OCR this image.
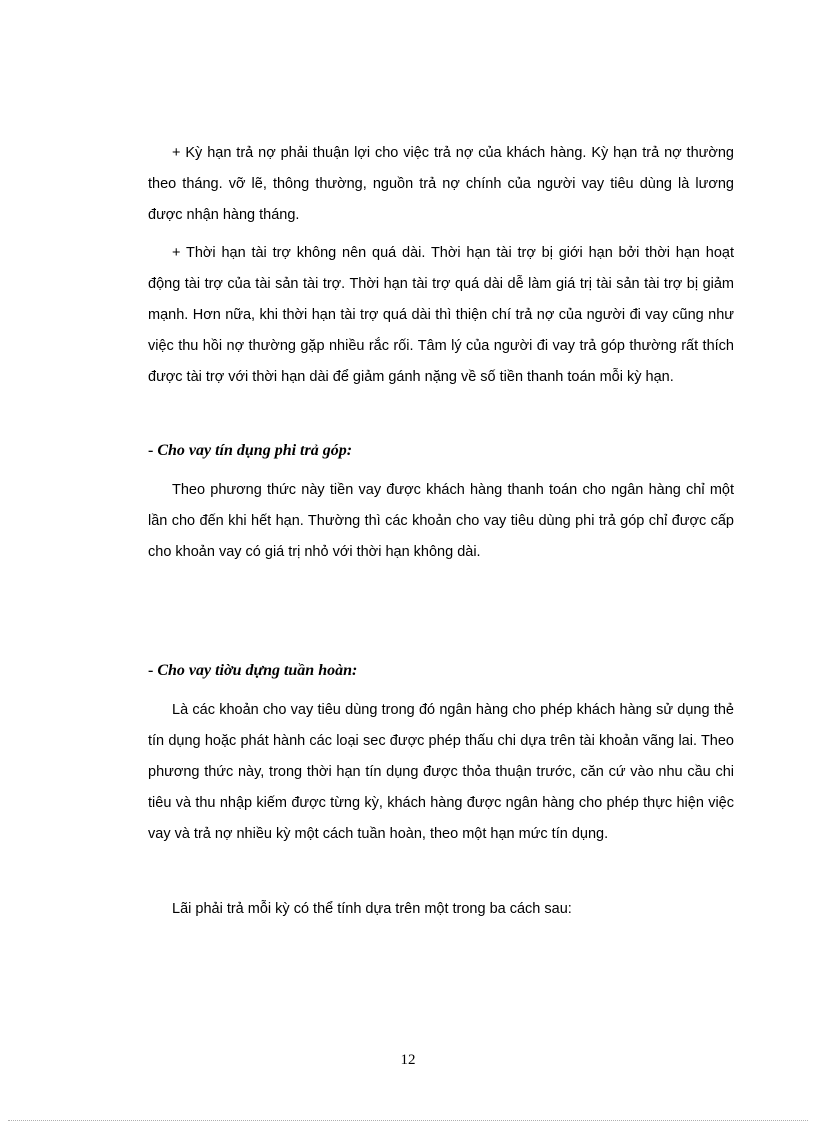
+ Kỳ hạn trả nợ phải thuận lợi cho việc trả nợ của khách hàng. Kỳ hạn trả nợ thường theo tháng. vỡ lẽ, thông thường, nguồn trả nợ chính của người vay tiêu dùng là lương được nhận hàng tháng.

+ Thời hạn tài trợ không nên quá dài. Thời hạn tài trợ bị giới hạn bởi thời hạn hoạt động tài trợ của tài sản tài trợ. Thời hạn tài trợ quá dài dễ làm giá trị tài sản tài trợ bị giảm mạnh. Hơn nữa, khi thời hạn tài trợ quá dài thì thiện chí trả nợ của người đi vay cũng như việc thu hồi nợ thường gặp nhiều rắc rối. Tâm lý của người đi vay trả góp thường rất thích được tài trợ với thời hạn dài để giảm gánh nặng về số tiền thanh toán mỗi kỳ hạn.

- Cho vay tín dụng phi trả góp:

Theo phương thức này tiền vay được khách hàng thanh toán cho ngân hàng chỉ một lần cho đến khi hết hạn. Thường thì các khoản cho vay tiêu dùng phi trả góp chỉ được cấp cho khoản vay có giá trị nhỏ với thời hạn không dài.

- Cho vay tiờu dựng tuần hoàn:

Là các khoản cho vay tiêu dùng trong đó ngân hàng cho phép khách hàng sử dụng thẻ tín dụng hoặc phát hành các loại sec được phép thấu chi dựa trên tài khoản vãng lai. Theo phương thức này, trong thời hạn tín dụng được thỏa thuận trước, căn cứ vào nhu cầu chi tiêu và thu nhập kiếm được từng kỳ, khách hàng được ngân hàng cho phép thực hiện việc vay và trả nợ nhiều kỳ một cách tuần hoàn, theo một hạn mức tín dụng.

Lãi phải trả mỗi kỳ có thể tính dựa trên một trong ba cách sau:

12
